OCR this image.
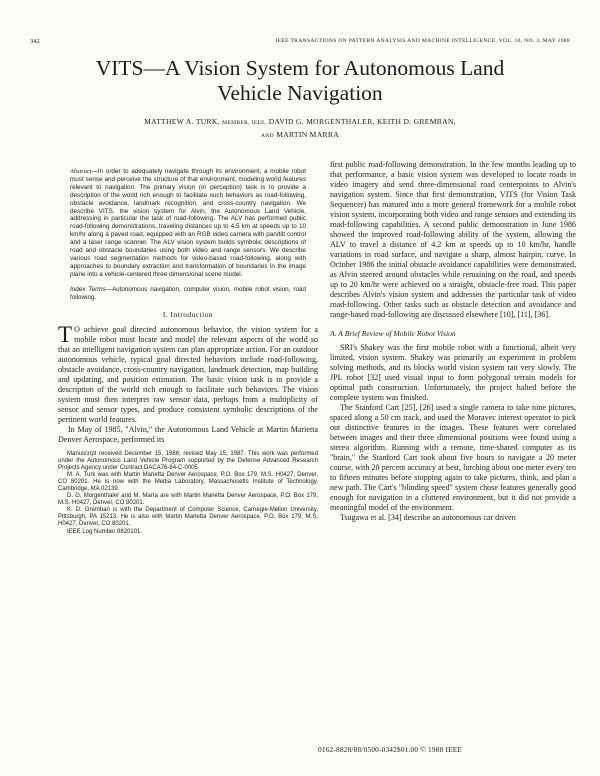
342	IEEE TRANSACTIONS ON PATTERN ANALYSIS AND MACHINE INTELLIGENCE, VOL. 10, NO. 3, MAY 1988
VITS—A Vision System for Autonomous Land
Vehicle Navigation
MATTHEW A. TURK, MEMBER, IEEE, DAVID G. MORGENTHALER, KEITH D. GREMBAN,
AND MARTIN MARRA
Abstract—In order to adequately navigate through its environment, a mobile robot must sense and perceive the structure of that environment, modeling world features relevant to navigation. The primary vision (or perception) task is to provide a description of the world rich enough to facilitate such behaviors as road-following, obstacle avoidance, landmark recognition, and cross-country navigation. We describe VITS, the vision system for Alvin, the Autonomous Land Vehicle, addressing in particular the task of road-following. The ALV has performed public road-following demonstrations, traveling distances up to 4.5 km at speeds up to 10 km/hr along a paved road, equipped with an RGB video camera with pan/tilt control and a laser range scanner. The ALV vision system builds symbolic descriptions of road and obstacle boundaries using both video and range sensors. We describe various road segmentation methods for video-based road-following, along with approaches to boundary extraction and transformation of boundaries in the image plane into a vehicle-centered three dimensional scene model.
Index Terms—Autonomous navigation, computer vision, mobile robot vision, road following.
I. Introduction

T O achieve goal directed autonomous behavior, the vision system for a mobile robot must locate and model the relevant aspects of the world so that an intelligent navigation system can plan appropriate action. For an outdoor autonomous vehicle, typical goal directed behaviors include road-following, obstacle avoidance, cross-country navigation, landmark detection, map building and updating, and position estimation. The basic vision task is to provide a description of the world rich enough to facilitate such behaviors. The vision system must then interpret raw sensor data, perhaps from a multiplicity of sensor and sensor types, and produce consistent symbolic descriptions of the pertinent world features.

In May of 1985, "Alvin," the Autonomous Land Vehicle at Martin Marietta Denver Aerospace, performed its

Manuscript received December 15, 1986; revised May 15, 1987. This work was performed under the Autonomous Land Vehicle Program supported by the Defense Advanced Research Projects Agency under Contract DACA76-84-C-0005.

M. A. Turk was with Martin Marietta Denver Aerospace, P.O. Box 179, M.S. H0427, Denver, CO 80201. He is now with the Media Laboratory, Massachusetts Institute of Technology, Cambridge, MA 02139.

D. G. Morgenthaler and M. Marra are with Martin Marietta Denver Aerospace, P.O. Box 179, M.S. H0427, Denver, CO 80201.

K. D. Gremban is with the Department of Computer Science, Carnegie-Mellon University, Pittsburgh, PA 15213. He is also with Martin Marietta Denver Aerospace, P.O. Box 179, M.S. H0427, Denver, CO 80201.

IEEE Log Number 8820101.

first public road-following demonstration. In the few months leading up to that performance, a basic vision system was developed to locate roads in video imagery and send three-dimensional road centerpoints to Alvin's navigation system. Since that first demonstration, VITS (for Vision Task Sequencer) has matured into a more general framework for a mobile robot vision system, incorporating both video and range sensors and extending its road-following capabilities. A second public demonstration in June 1986 showed the improved road-following ability of the system, allowing the ALV to travel a distance of 4.2 km at speeds up to 10 km/hr, handle variations in road surface, and navigate a sharp, almost hairpin, curve. In October 1986 the initial obstacle avoidance capabilities were demonstrated, as Alvin steered around obstacles while remaining on the road, and speeds up to 20 km/hr were achieved on a straight, obstacle-free road. This paper describes Alvin's vision system and addresses the particular task of video road-following. Other tasks such as obstacle detection and avoidance and range-based road-following are discussed elsewhere [10], [11], [36].

A. A Brief Review of Mobile Robot Vision

SRI's Shakey was the first mobile robot with a functional, albeit very limited, vision system. Shakey was primarily an experiment in problem solving methods, and its blocks world vision system ran very slowly. The JPL robot [32] used visual input to form polygonal terrain models for optimal path construction. Unfortunately, the project halted before the complete system was finished.

The Stanford Cart [25], [26] used a single camera to take nine pictures, spaced along a 50 cm track, and used the Moravec interest operator to pick out distinctive features in the images. These features were correlated between images and their three dimensional positions were found using a stereo algorithm. Running with a remote, time-shared computer as its "brain," the Stanford Cart took about five hours to navigate a 20 meter course, with 20 percent accuracy at best, lurching about one meter every ten to fifteen minutes before stopping again to take pictures, think, and plan a new path. The Cart's "blinding speed" system chose features generally good enough for navigation in a cluttered environment, but it did not provide a meaningful model of the environment.

Tsugawa et al. [34] describe an autonomous car driven

0162-8828/88/0500-0342$01.00 © 1988 IEEE
